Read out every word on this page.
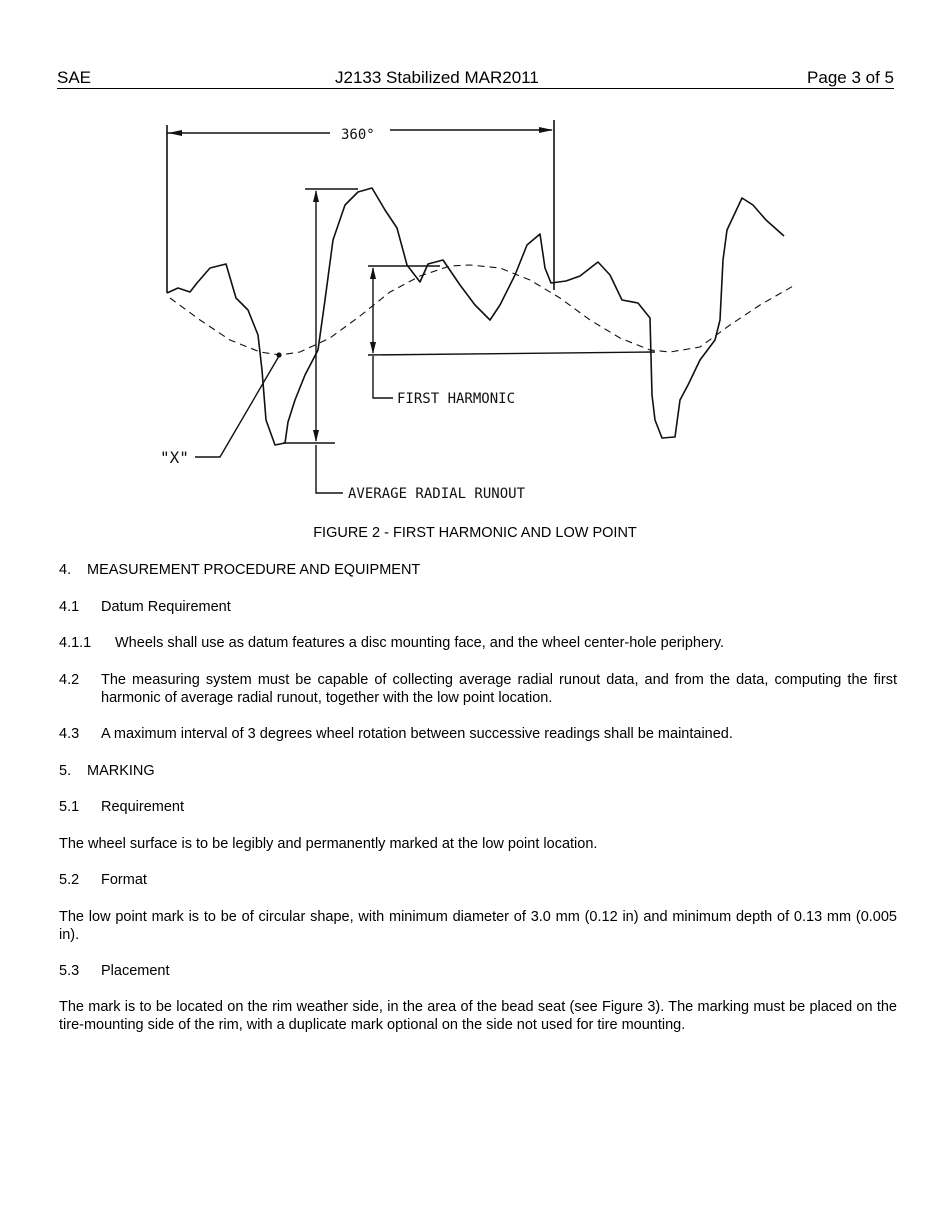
SAE	J2133 Stabilized MAR2011	Page 3 of 5
360°
FIRST HARMONIC
"X"
AVERAGE RADIAL RUNOUT
FIGURE 2 - FIRST HARMONIC AND LOW POINT
4. MEASUREMENT PROCEDURE AND EQUIPMENT
4.1 Datum Requirement
4.1.1 Wheels shall use as datum features a disc mounting face, and the wheel center-hole periphery.
4.2 The measuring system must be capable of collecting average radial runout data, and from the data, computing the first harmonic of average radial runout, together with the low point location.
4.3 A maximum interval of 3 degrees wheel rotation between successive readings shall be maintained.
5. MARKING
5.1 Requirement
The wheel surface is to be legibly and permanently marked at the low point location.
5.2 Format
The low point mark is to be of circular shape, with minimum diameter of 3.0 mm (0.12 in) and minimum depth of 0.13 mm (0.005 in).
5.3 Placement
The mark is to be located on the rim weather side, in the area of the bead seat (see Figure 3). The marking must be placed on the tire-mounting side of the rim, with a duplicate mark optional on the side not used for tire mounting.
